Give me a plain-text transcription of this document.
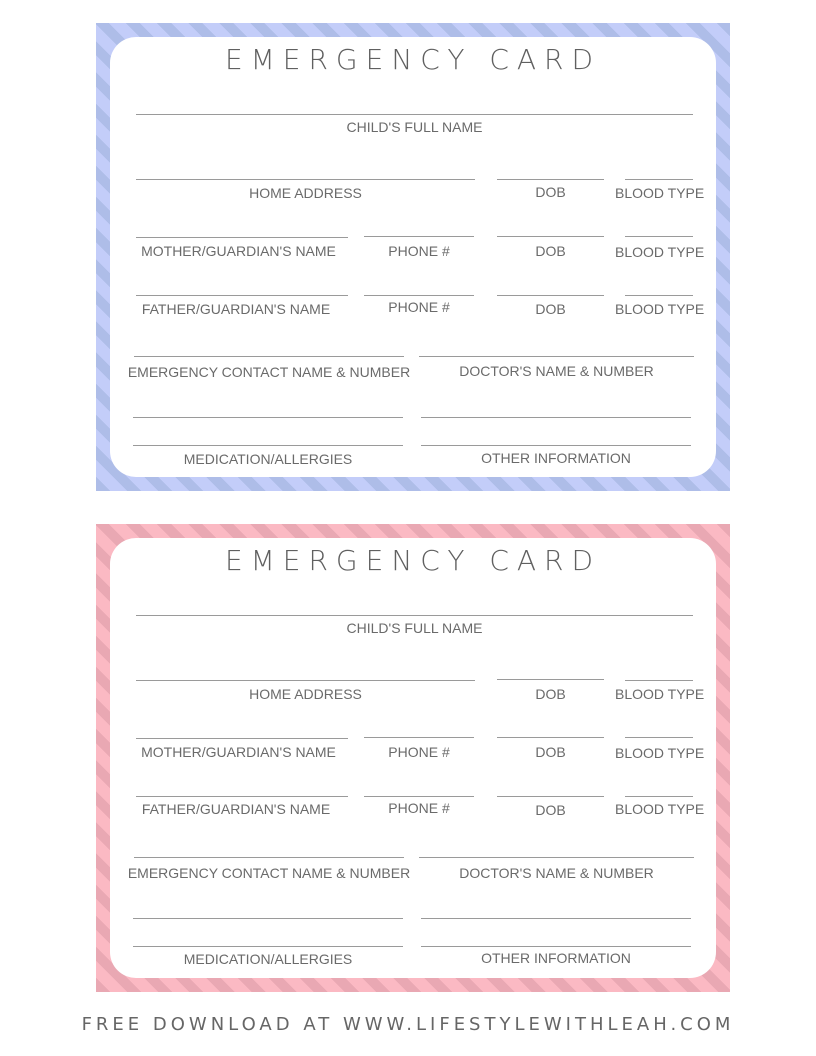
EMERGENCY CARD
CHILD'S FULL NAME
HOME ADDRESS	DOB	BLOOD TYPE
MOTHER/GUARDIAN'S NAME	PHONE #	DOB	BLOOD TYPE
FATHER/GUARDIAN'S NAME	PHONE #	DOB	BLOOD TYPE
EMERGENCY CONTACT NAME & NUMBER	DOCTOR'S NAME & NUMBER
MEDICATION/ALLERGIES	OTHER INFORMATION
EMERGENCY CARD
CHILD'S FULL NAME
HOME ADDRESS	DOB	BLOOD TYPE
MOTHER/GUARDIAN'S NAME	PHONE #	DOB	BLOOD TYPE
FATHER/GUARDIAN'S NAME	PHONE #	DOB	BLOOD TYPE
EMERGENCY CONTACT NAME & NUMBER	DOCTOR'S NAME & NUMBER
MEDICATION/ALLERGIES	OTHER INFORMATION
FREE DOWNLOAD AT WWW.LIFESTYLEWITHLEAH.COM
